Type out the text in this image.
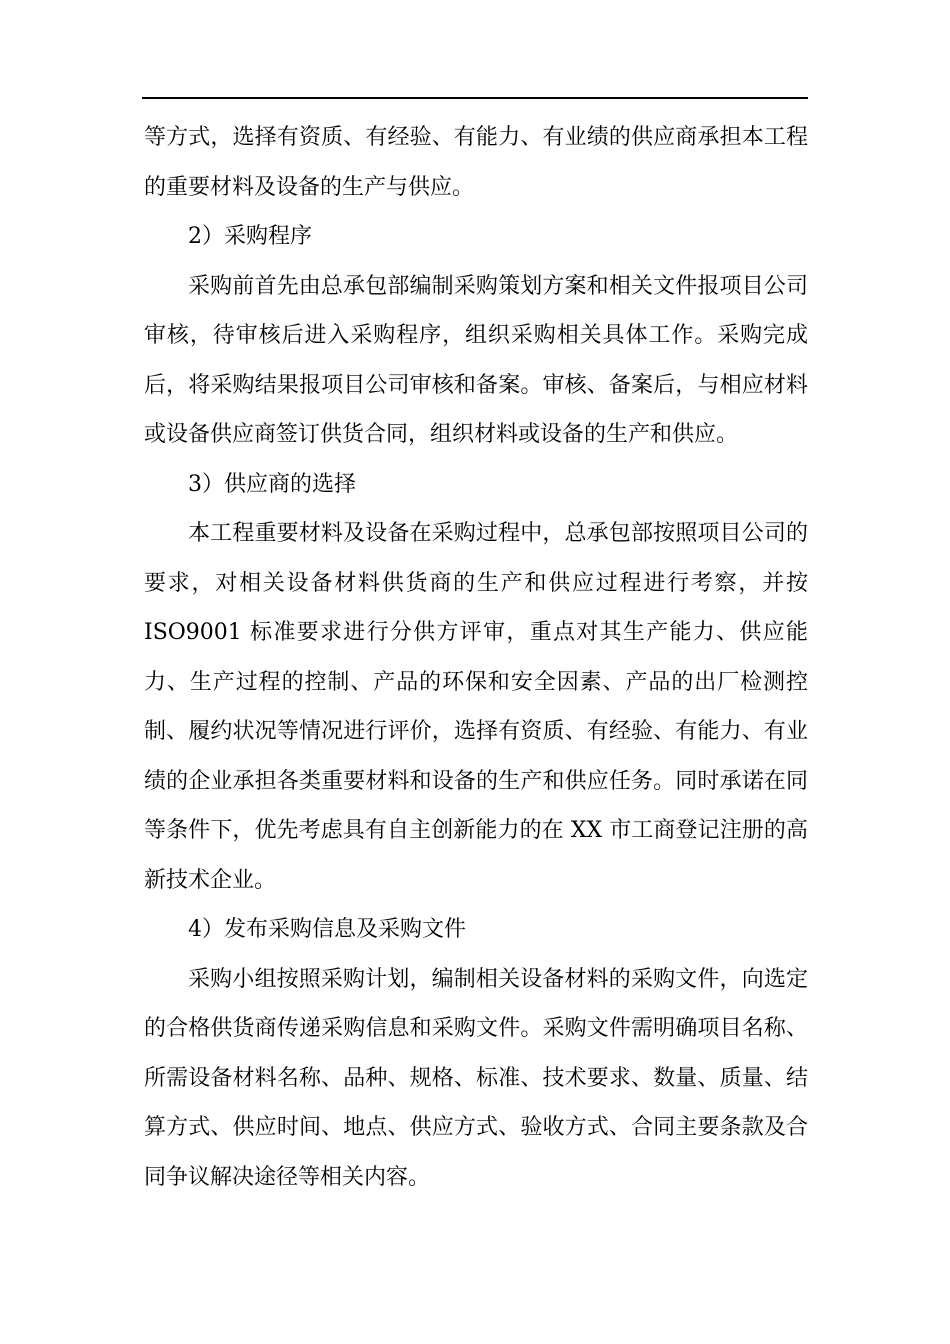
等方式，选择有资质、有经验、有能力、有业绩的供应商承担本工程的重要材料及设备的生产与供应。

2）采购程序

采购前首先由总承包部编制采购策划方案和相关文件报项目公司审核，待审核后进入采购程序，组织采购相关具体工作。采购完成后，将采购结果报项目公司审核和备案。审核、备案后，与相应材料或设备供应商签订供货合同，组织材料或设备的生产和供应。

3）供应商的选择

本工程重要材料及设备在采购过程中，总承包部按照项目公司的要求，对相关设备材料供货商的生产和供应过程进行考察，并按ISO9001 标准要求进行分供方评审，重点对其生产能力、供应能力、生产过程的控制、产品的环保和安全因素、产品的出厂检测控制、履约状况等情况进行评价，选择有资质、有经验、有能力、有业绩的企业承担各类重要材料和设备的生产和供应任务。同时承诺在同等条件下，优先考虑具有自主创新能力的在 XX 市工商登记注册的高新技术企业。

4）发布采购信息及采购文件

采购小组按照采购计划，编制相关设备材料的采购文件，向选定的合格供货商传递采购信息和采购文件。采购文件需明确项目名称、所需设备材料名称、品种、规格、标准、技术要求、数量、质量、结算方式、供应时间、地点、供应方式、验收方式、合同主要条款及合同争议解决途径等相关内容。
